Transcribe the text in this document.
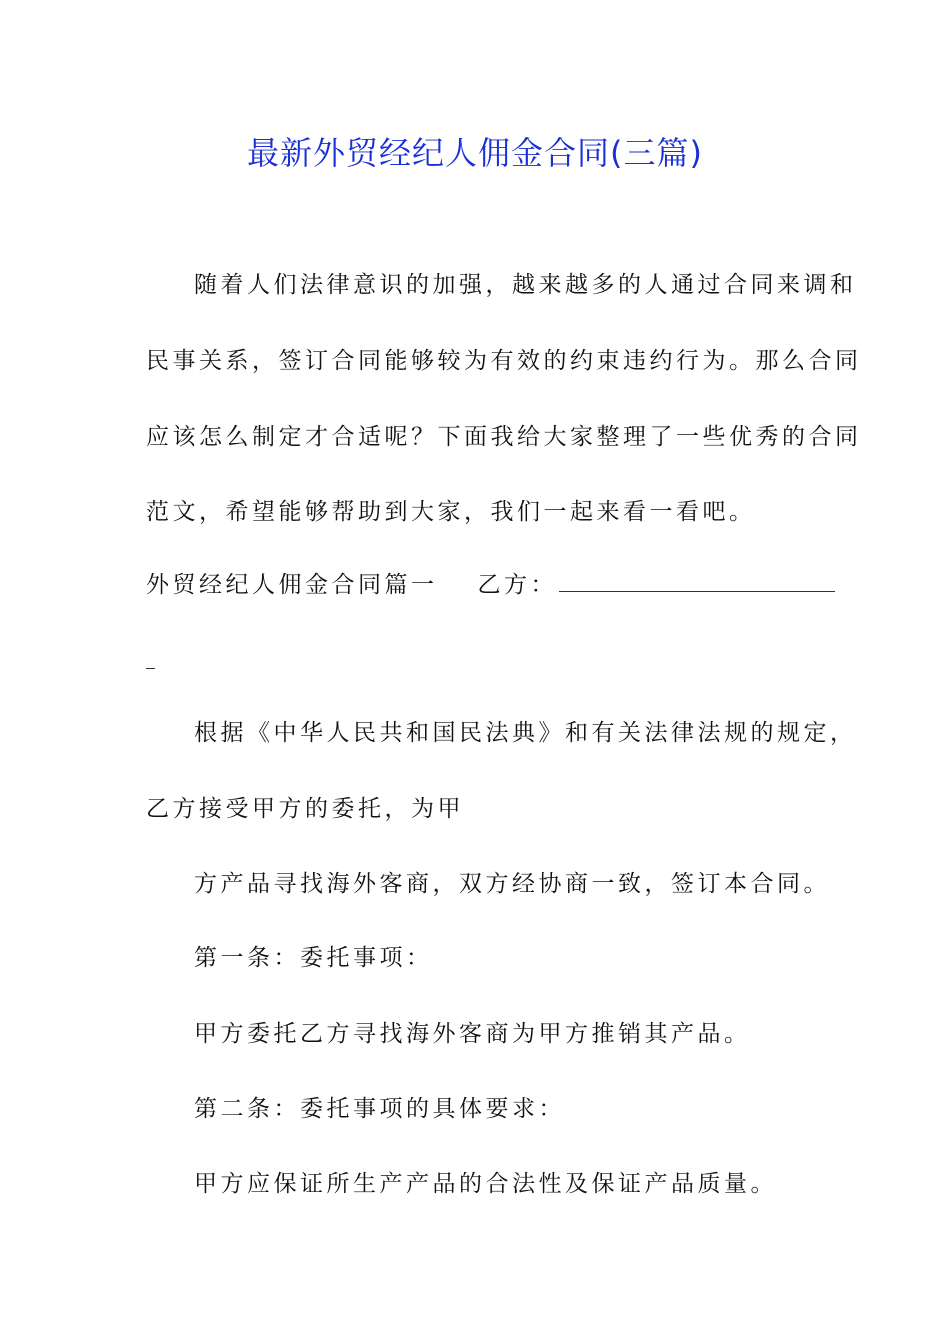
最新外贸经纪人佣金合同(三篇)
随着人们法律意识的加强，越来越多的人通过合同来调和
民事关系，签订合同能够较为有效的约束违约行为。那么合同
应该怎么制定才合适呢？下面我给大家整理了一些优秀的合同
范文，希望能够帮助到大家，我们一起来看一看吧。
外贸经纪人佣金合同篇一 乙方：
根据《中华人民共和国民法典》和有关法律法规的规定，
乙方接受甲方的委托，为甲
方产品寻找海外客商，双方经协商一致，签订本合同。
第一条：委托事项：
甲方委托乙方寻找海外客商为甲方推销其产品。
第二条：委托事项的具体要求：
甲方应保证所生产产品的合法性及保证产品质量。
